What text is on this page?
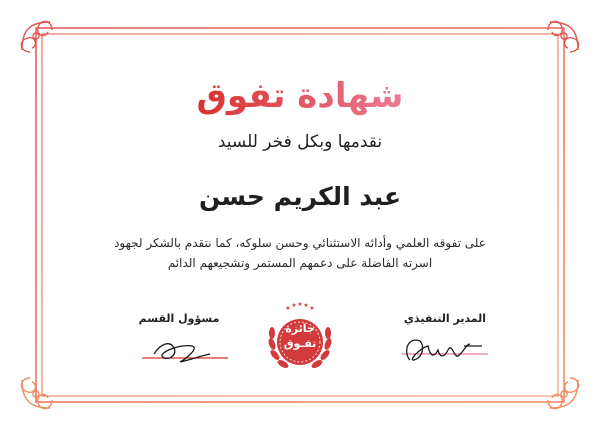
شهادة تفوق
نقدمها وبكل فخر للسيد
عبد الكريم حسن
على تفوقه العلمي وأدائه الاستثنائي وحسن سلوكه، كما نتقدم بالشكر لجهود
اسرته الفاضلة على دعمهم المستمر وتشجيعهم الدائم
مسؤول القسم	المدير التنفيذي
★ ★ ★ ★ ★
جائزة
تفـوق
